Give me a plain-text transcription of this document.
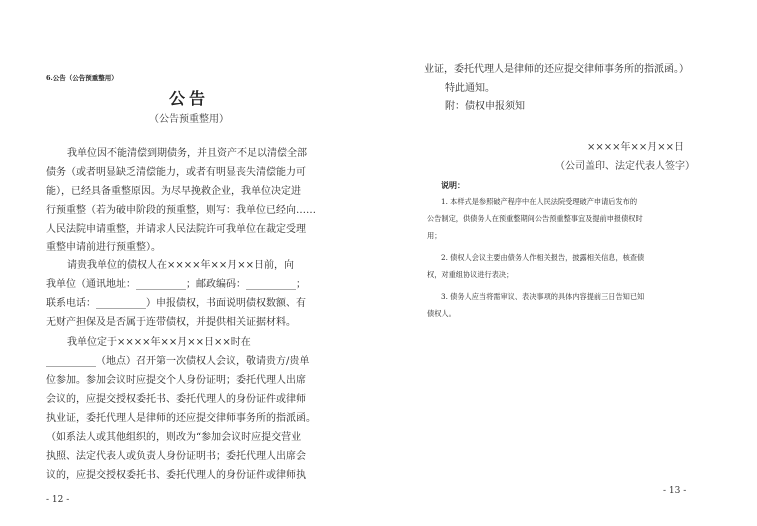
6.公告（公告预重整用）
公告
（公告预重整用）
我单位因不能清偿到期债务，并且资产不足以清偿全部
债务（或者明显缺乏清偿能力，或者有明显丧失清偿能力可
能），已经具备重整原因。为尽早挽救企业，我单位决定进
行预重整（若为破申阶段的预重整，则写：我单位已经向……
人民法院申请重整，并请求人民法院许可我单位在裁定受理
重整申请前进行预重整）。
请贵我单位的债权人在××××年××月××日前，向
我单位（通讯地址：__________；邮政编码：__________；
联系电话：__________）申报债权，书面说明债权数额、有
无财产担保及是否属于连带债权，并提供相关证据材料。
我单位定于××××年××月××日××时在
__________（地点）召开第一次债权人会议，敬请贵方/贵单
位参加。参加会议时应提交个人身份证明；委托代理人出席
会议的，应提交授权委托书、委托代理人的身份证件或律师
执业证，委托代理人是律师的还应提交律师事务所的指派函。
（如系法人或其他组织的，则改为“参加会议时应提交营业
执照、法定代表人或负责人身份证明书；委托代理人出席会
议的，应提交授权委托书、委托代理人的身份证件或律师执
- 12 -
业证，委托代理人是律师的还应提交律师事务所的指派函。）
特此通知。
附：债权申报须知
××××年××月××日
（公司盖印、法定代表人签字）
说明：
1. 本样式是参照破产程序中在人民法院受理破产申请后发布的
公告制定，供债务人在预重整期间公告预重整事宜及提前申报债权时
用；
2. 债权人会议主要由债务人作相关报告，披露相关信息，核查债
权，对重组协议进行表决；
3. 债务人应当将需审议、表决事项的具体内容提前三日告知已知
债权人。
- 13 -
